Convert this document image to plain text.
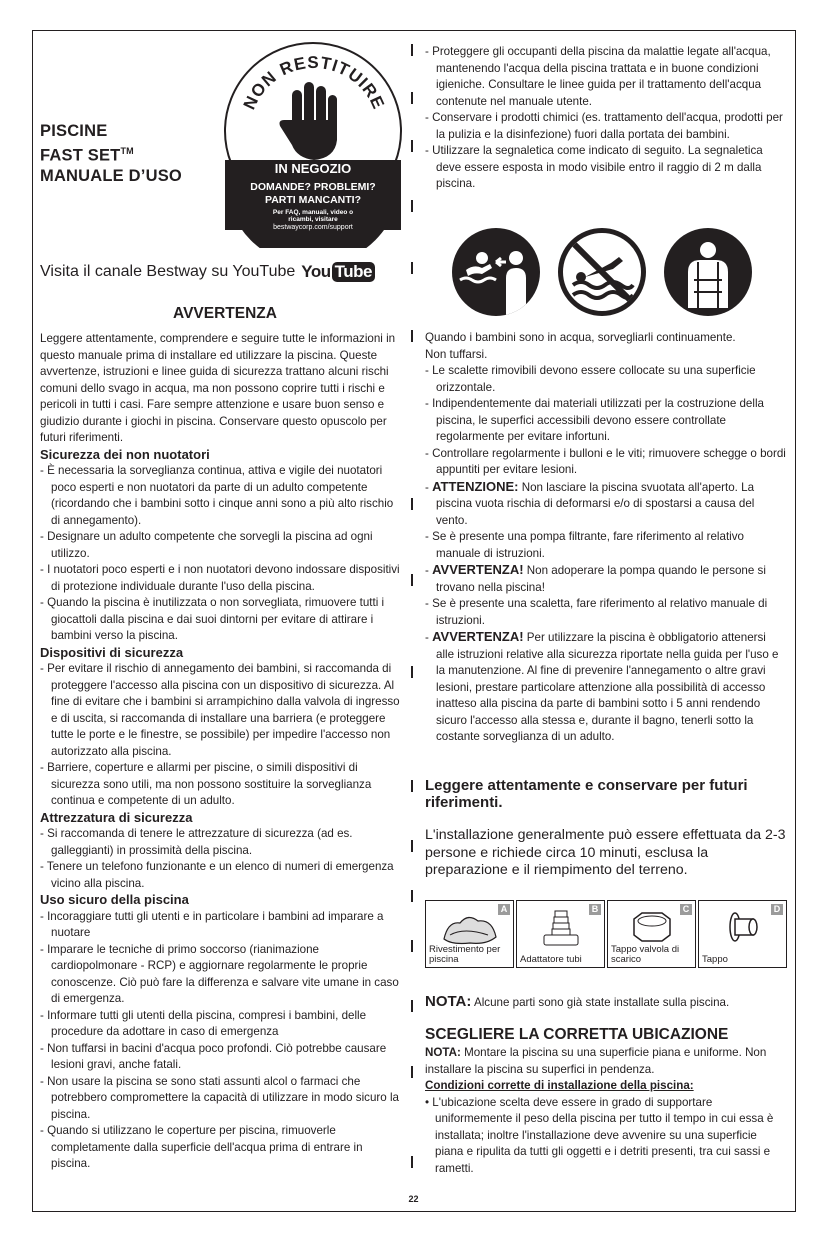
PISCINE
FAST SET™
MANUALE D’USO
NON RESTITUIRE
IN NEGOZIO
DOMANDE? PROBLEMI?
PARTI MANCANTI?
Per FAQ, manuali, video o
ricambi, visitare
bestwaycorp.com/support
Visita il canale Bestway su YouTube You Tube
AVVERTENZA

Leggere attentamente, comprendere e seguire tutte le informazioni in questo manuale prima di installare ed utilizzare la piscina. Queste avvertenze, istruzioni e linee guida di sicurezza trattano alcuni rischi comuni dello svago in acqua, ma non possono coprire tutti i rischi e pericoli in tutti i casi. Fare sempre attenzione e usare buon senso e giudizio durante i giochi in piscina. Conservare questo opuscolo per futuri riferimenti.

Sicurezza dei non nuotatori

- È necessaria la sorveglianza continua, attiva e vigile dei nuotatori poco esperti e non nuotatori da parte di un adulto competente (ricordando che i bambini sotto i cinque anni sono a più alto rischio di annegamento).

- Designare un adulto competente che sorvegli la piscina ad ogni utilizzo.

- I nuotatori poco esperti e i non nuotatori devono indossare dispositivi di protezione individuale durante l'uso della piscina.

- Quando la piscina è inutilizzata o non sorvegliata, rimuovere tutti i giocattoli dalla piscina e dai suoi dintorni per evitare di attirare i bambini verso la piscina.

Dispositivi di sicurezza

- Per evitare il rischio di annegamento dei bambini, si raccomanda di proteggere l'accesso alla piscina con un dispositivo di sicurezza. Al fine di evitare che i bambini si arrampichino dalla valvola di ingresso e di uscita, si raccomanda di installare una barriera (e proteggere tutte le porte e le finestre, se possibile) per impedire l'accesso non autorizzato alla piscina.

- Barriere, coperture e allarmi per piscine, o simili dispositivi di sicurezza sono utili, ma non possono sostituire la sorveglianza continua e competente di un adulto.

Attrezzatura di sicurezza

- Si raccomanda di tenere le attrezzature di sicurezza (ad es. galleggianti) in prossimità della piscina.

- Tenere un telefono funzionante e un elenco di numeri di emergenza vicino alla piscina.

Uso sicuro della piscina

- Incoraggiare tutti gli utenti e in particolare i bambini ad imparare a nuotare

- Imparare le tecniche di primo soccorso (rianimazione cardiopolmonare - RCP) e aggiornare regolarmente le proprie conoscenze. Ciò può fare la differenza e salvare vite umane in caso di emergenza.

- Informare tutti gli utenti della piscina, compresi i bambini, delle procedure da adottare in caso di emergenza

- Non tuffarsi in bacini d'acqua poco profondi. Ciò potrebbe causare lesioni gravi, anche fatali.

- Non usare la piscina se sono stati assunti alcol o farmaci che potrebbero compromettere la capacità di utilizzare in modo sicuro la piscina.

- Quando si utilizzano le coperture per piscina, rimuoverle completamente dalla superficie dell'acqua prima di entrare in piscina.

- Proteggere gli occupanti della piscina da malattie legate all'acqua, mantenendo l'acqua della piscina trattata e in buone condizioni igieniche. Consultare le linee guida per il trattamento dell'acqua contenute nel manuale utente.

- Conservare i prodotti chimici (es. trattamento dell'acqua, prodotti per la pulizia e la disinfezione) fuori dalla portata dei bambini.

- Utilizzare la segnaletica come indicato di seguito. La segnaletica deve essere esposta in modo visibile entro il raggio di 2 m dalla piscina.

Quando i bambini sono in acqua, sorvegliarli continuamente.

Non tuffarsi.

- Le scalette rimovibili devono essere collocate su una superficie orizzontale.

- Indipendentemente dai materiali utilizzati per la costruzione della piscina, le superfici accessibili devono essere controllate regolarmente per evitare infortuni.

- Controllare regolarmente i bulloni e le viti; rimuovere schegge o bordi appuntiti per evitare lesioni.

- ATTENZIONE: Non lasciare la piscina svuotata all'aperto. La piscina vuota rischia di deformarsi e/o di spostarsi a causa del vento.

- Se è presente una pompa filtrante, fare riferimento al relativo manuale di istruzioni.

- AVVERTENZA! Non adoperare la pompa quando le persone si trovano nella piscina!

- Se è presente una scaletta, fare riferimento al relativo manuale di istruzioni.

- AVVERTENZA! Per utilizzare la piscina è obbligatorio attenersi alle istruzioni relative alla sicurezza riportate nella guida per l'uso e la manutenzione. Al fine di prevenire l'annegamento o altre gravi lesioni, prestare particolare attenzione alla possibilità di accesso inatteso alla piscina da parte di bambini sotto i 5 anni rendendo sicuro l'accesso alla stessa e, durante il bagno, tenerli sotto la costante sorveglianza di un adulto.

Leggere attentamente e conservare per futuri riferimenti.
L'installazione generalmente può essere effettuata da 2-3 persone e richiede circa 10 minuti, esclusa la preparazione e il riempimento del terreno.
A
Rivestimento per piscina
B
Adattatore tubi
C
Tappo valvola di scarico
D
Tappo
NOTA: Alcune parti sono già state installate sulla piscina.
SCEGLIERE LA CORRETTA UBICAZIONE

NOTA: Montare la piscina su una superficie piana e uniforme. Non installare la piscina su superfici in pendenza.

Condizioni corrette di installazione della piscina:

• L'ubicazione scelta deve essere in grado di supportare uniformemente il peso della piscina per tutto il tempo in cui essa è installata; inoltre l'installazione deve avvenire su una superficie piana e ripulita da tutti gli oggetti e i detriti presenti, tra cui sassi e rametti.

22
